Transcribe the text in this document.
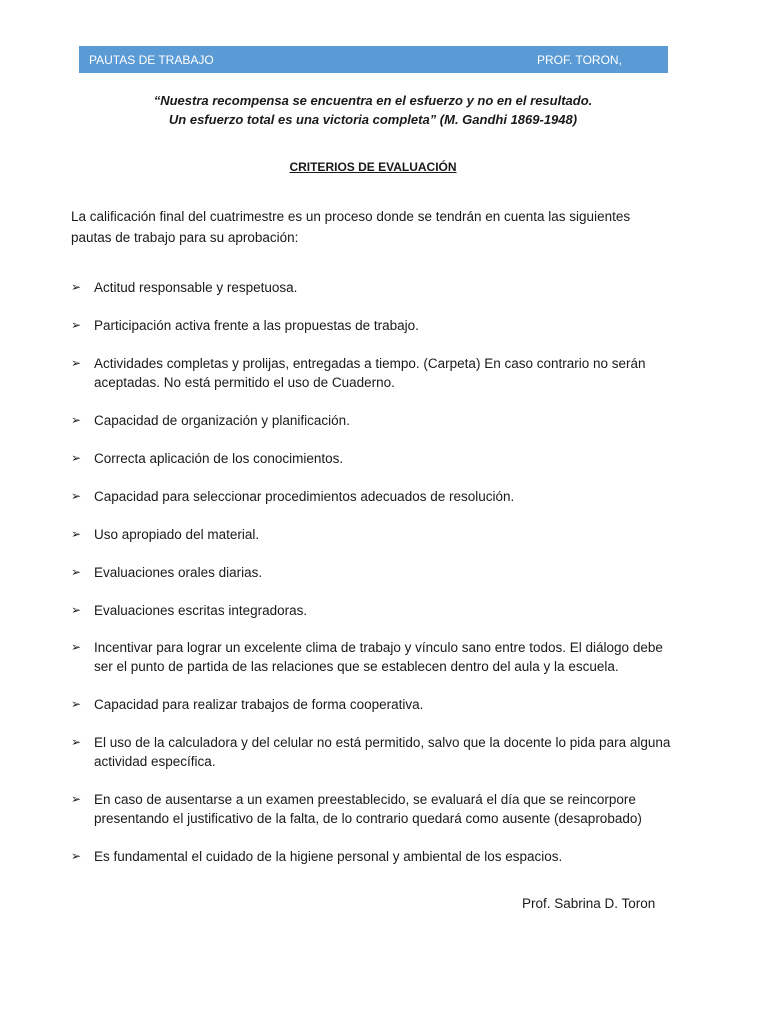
PAUTAS DE TRABAJO	PROF. TORON,
“Nuestra recompensa se encuentra en el esfuerzo y no en el resultado.
Un esfuerzo total es una victoria completa” (M. Gandhi 1869-1948)
CRITERIOS DE EVALUACIÓN
La calificación final del cuatrimestre es un proceso donde se tendrán en cuenta las siguientes pautas de trabajo para su aprobación:
➢ Actitud responsable y respetuosa.
➢ Participación activa frente a las propuestas de trabajo.
➢ Actividades completas y prolijas, entregadas a tiempo. (Carpeta) En caso contrario no serán aceptadas. No está permitido el uso de Cuaderno.
➢ Capacidad de organización y planificación.
➢ Correcta aplicación de los conocimientos.
➢ Capacidad para seleccionar procedimientos adecuados de resolución.
➢ Uso apropiado del material.
➢ Evaluaciones orales diarias.
➢ Evaluaciones escritas integradoras.
➢ Incentivar para lograr un excelente clima de trabajo y vínculo sano entre todos. El diálogo debe ser el punto de partida de las relaciones que se establecen dentro del aula y la escuela.
➢ Capacidad para realizar trabajos de forma cooperativa.
➢ El uso de la calculadora y del celular no está permitido, salvo que la docente lo pida para alguna actividad específica.
➢ En caso de ausentarse a un examen preestablecido, se evaluará el día que se reincorpore presentando el justificativo de la falta, de lo contrario quedará como ausente (desaprobado)
➢ Es fundamental el cuidado de la higiene personal y ambiental de los espacios.
Prof. Sabrina D. Toron
